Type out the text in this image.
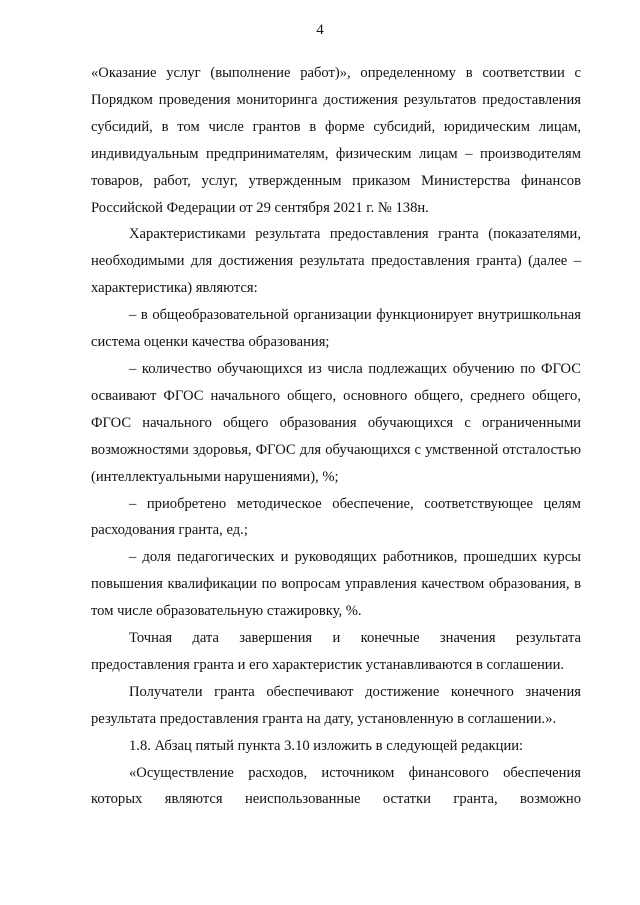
4

«Оказание услуг (выполнение работ)», определенному в соответствии с Порядком проведения мониторинга достижения результатов предоставления субсидий, в том числе грантов в форме субсидий, юридическим лицам, индивидуальным предпринимателям, физическим лицам – производителям товаров, работ, услуг, утвержденным приказом Министерства финансов Российской Федерации от 29 сентября 2021 г. № 138н.

Характеристиками результата предоставления гранта (показателями, необходимыми для достижения результата предоставления гранта) (далее – характеристика) являются:

– в общеобразовательной организации функционирует внутришкольная система оценки качества образования;

– количество обучающихся из числа подлежащих обучению по ФГОС осваивают ФГОС начального общего, основного общего, среднего общего, ФГОС начального общего образования обучающихся с ограниченными возможностями здоровья, ФГОС для обучающихся с умственной отсталостью (интеллектуальными нарушениями), %;

– приобретено методическое обеспечение, соответствующее целям расходования гранта, ед.;

– доля педагогических и руководящих работников, прошедших курсы повышения квалификации по вопросам управления качеством образования, в том числе образовательную стажировку, %.

Точная дата завершения и конечные значения результата предоставления гранта и его характеристик устанавливаются в соглашении.

Получатели гранта обеспечивают достижение конечного значения результата предоставления гранта на дату, установленную в соглашении.».

1.8. Абзац пятый пункта 3.10 изложить в следующей редакции:

«Осуществление расходов, источником финансового обеспечения которых являются неиспользованные остатки гранта, возможно
